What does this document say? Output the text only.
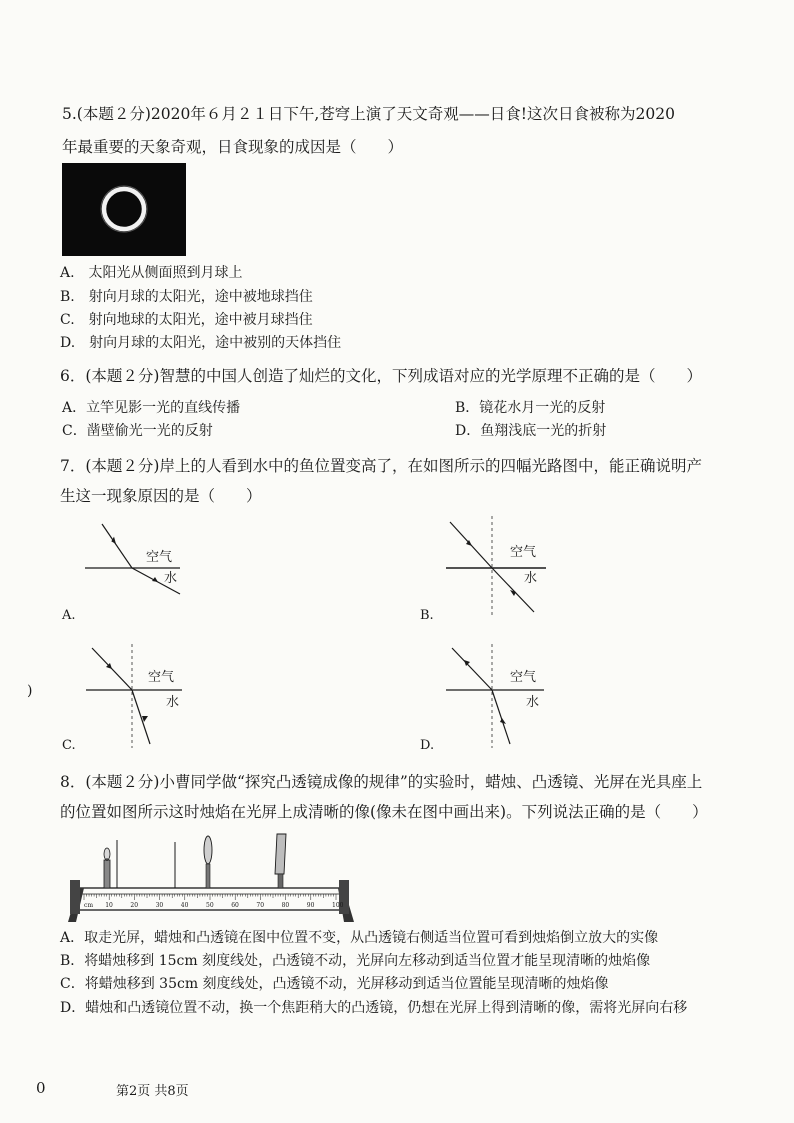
5.(本题２分)2020年６月２１日下午,苍穹上演了天文奇观——日食!这次日食被称为2020
年最重要的天象奇观，日食现象的成因是（　　）
A.　太阳光从侧面照到月球上
B.　射向月球的太阳光，途中被地球挡住
C.　射向地球的太阳光，途中被月球挡住
D.　射向月球的太阳光，途中被别的天体挡住
6．(本题２分)智慧的中国人创造了灿烂的文化，下列成语对应的光学原理不正确的是（　　）
A．立竿见影一光的直线传播	B．镜花水月一光的反射
C．凿壁偷光一光的反射	D．鱼翔浅底一光的折射
7．(本题２分)岸上的人看到水中的鱼位置变高了，在如图所示的四幅光路图中，能正确说明产
生这一现象原因的是（　　）
空气
水
A.
空气
水
B.
空气
水
C.
空气
水
D.
)
8．(本题２分)小曹同学做“探究凸透镜成像的规律”的实验时，蜡烛、凸透镜、光屏在光具座上
的位置如图所示这时烛焰在光屏上成清晰的像(像未在图中画出来)。下列说法正确的是（　　）
10	20	30	40	50	60	70	80	90	100
cm
A．取走光屏，蜡烛和凸透镜在图中位置不变，从凸透镜右侧适当位置可看到烛焰倒立放大的实像
B．将蜡烛移到 15cm 刻度线处，凸透镜不动，光屏向左移动到适当位置才能呈现清晰的烛焰像
C．将蜡烛移到 35cm 刻度线处，凸透镜不动，光屏移动到适当位置能呈现清晰的烛焰像
D．蜡烛和凸透镜位置不动，换一个焦距稍大的凸透镜，仍想在光屏上得到清晰的像，需将光屏向右移
0	第2页 共8页
